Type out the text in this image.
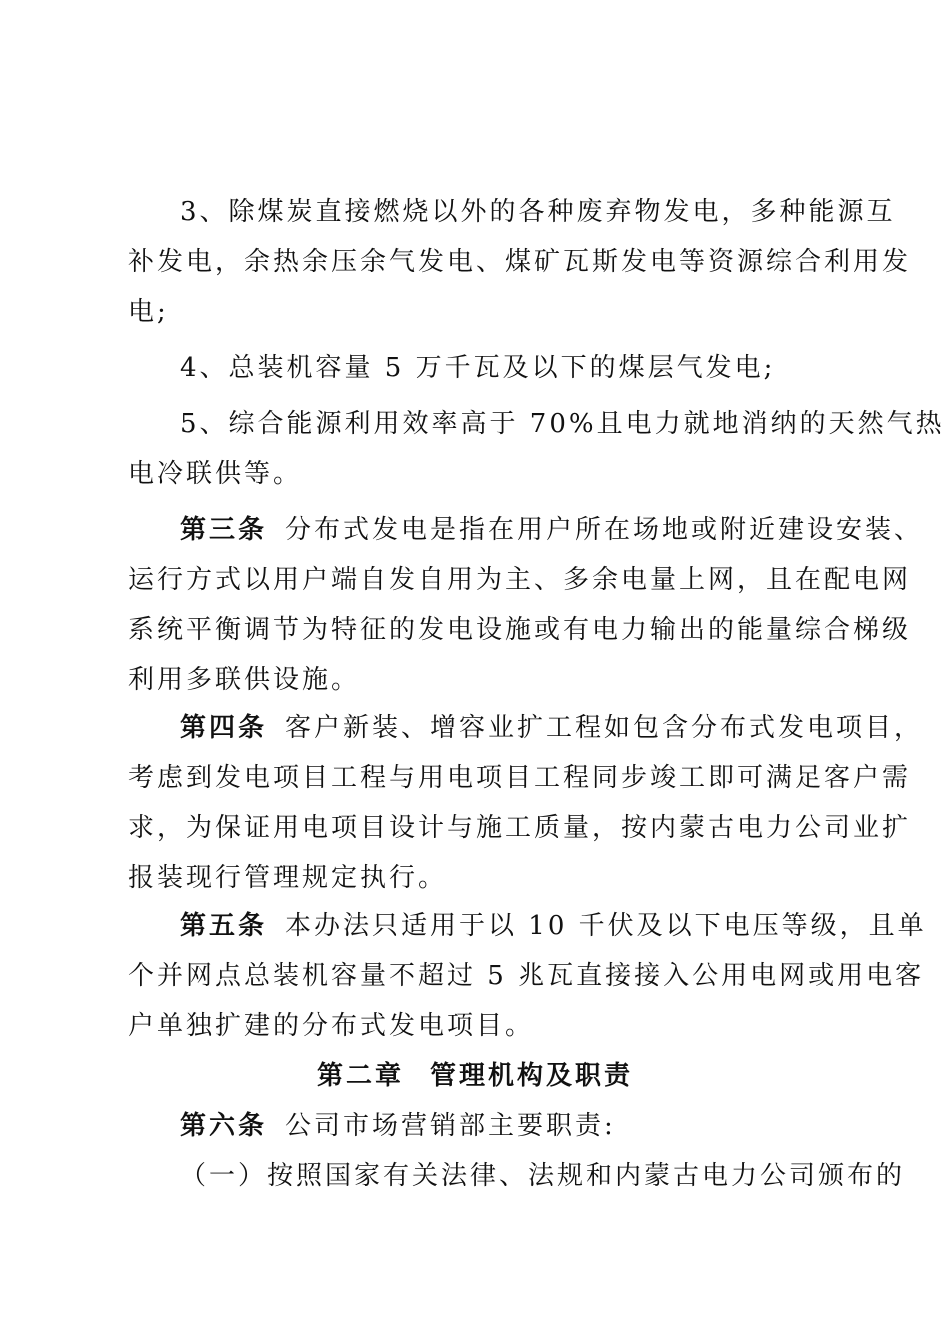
3、除煤炭直接燃烧以外的各种废弃物发电，多种能源互
补发电，余热余压余气发电、煤矿瓦斯发电等资源综合利用发
电;
4、总装机容量 5 万千瓦及以下的煤层气发电;
5、综合能源利用效率高于 70%且电力就地消纳的天然气热
电冷联供等。
第三条 分布式发电是指在用户所在场地或附近建设安装、
运行方式以用户端自发自用为主、多余电量上网，且在配电网
系统平衡调节为特征的发电设施或有电力输出的能量综合梯级
利用多联供设施。
第四条 客户新装、增容业扩工程如包含分布式发电项目，
考虑到发电项目工程与用电项目工程同步竣工即可满足客户需
求，为保证用电项目设计与施工质量，按内蒙古电力公司业扩
报装现行管理规定执行。
第五条 本办法只适用于以 10 千伏及以下电压等级，且单
个并网点总装机容量不超过 5 兆瓦直接接入公用电网或用电客
户单独扩建的分布式发电项目。
第二章 管理机构及职责
第六条 公司市场营销部主要职责:
（一）按照国家有关法律、法规和内蒙古电力公司颁布的
